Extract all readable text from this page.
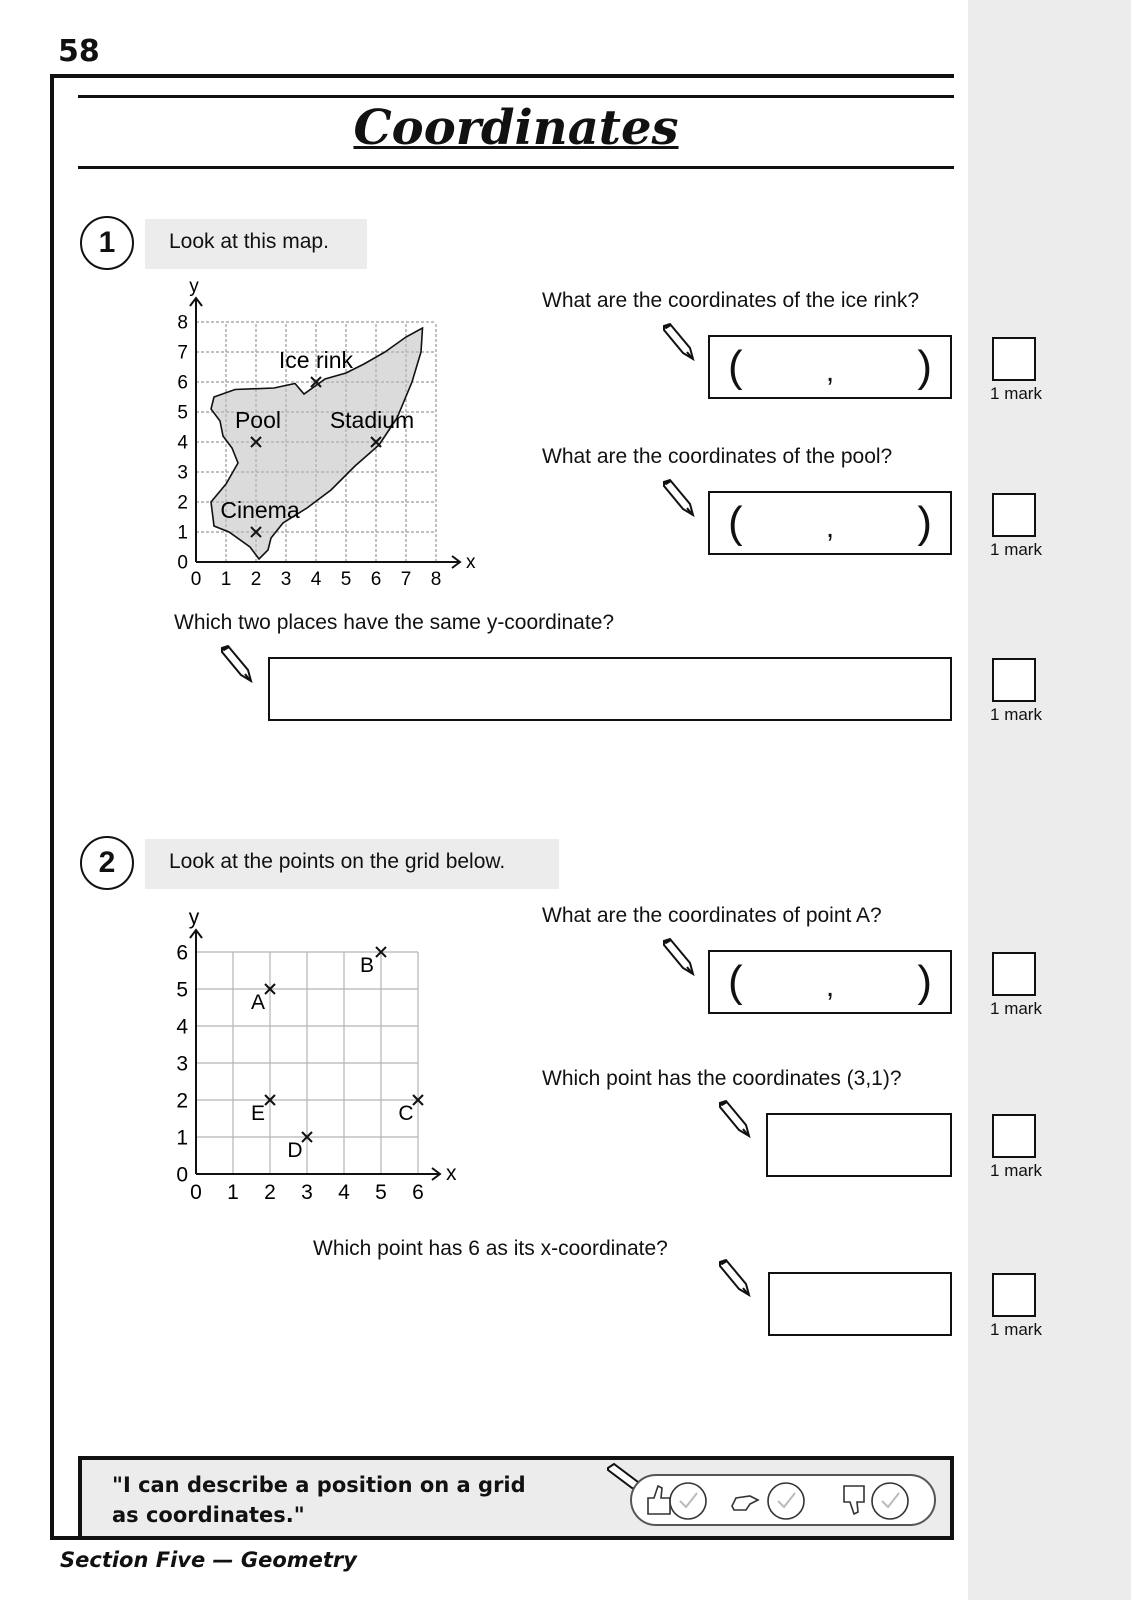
58
Coordinates
1	Look at this map.
x
y
0 1 2 3 4 5 6 7 8
0
1
2
3
4
5
6
7
8
Ice rink
Pool Stadium
Cinema
What are the coordinates of the ice rink?
(	, )
1 mark
What are the coordinates of the pool?
(	, )
1 mark
Which two places have the same y-coordinate?
1 mark
2	Look at the points on the grid below.
x
y
0 1 2 3 4 5 6
0
1
2
3
4
5
6
A
B
C
D
E
What are the coordinates of point A?
(	, )
1 mark
Which point has the coordinates (3,1)?
1 mark
Which point has 6 as its x-coordinate?
1 mark
"I can describe a position on a grid
as coordinates."
Section Five — Geometry
